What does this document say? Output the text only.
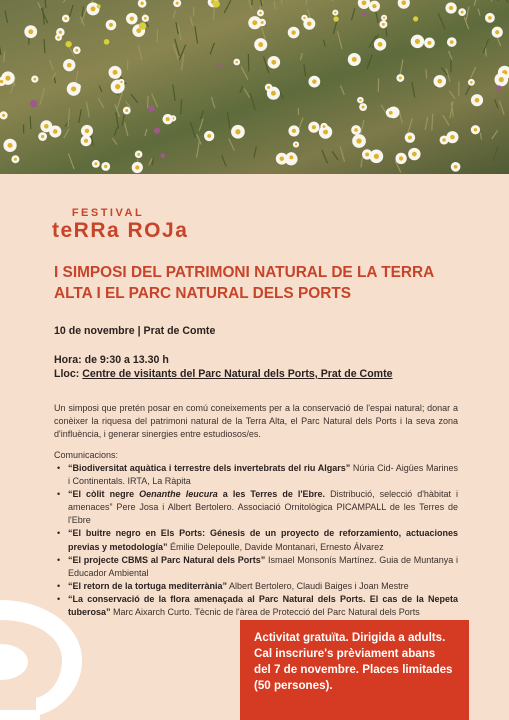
FESTIVAL
teRRa ROJa
I SIMPOSI DEL PATRIMONI NATURAL DE LA TERRA ALTA I EL PARC NATURAL DELS PORTS
10 de novembre | Prat de Comte
Hora: de 9:30 a 13.30 h
Lloc: Centre de visitants del Parc Natural dels Ports, Prat de Comte

Un simposi que pretén posar en comú coneixements per a la conservació de l'espai natural; donar a conèixer la riquesa del patrimoni natural de la Terra Alta, el Parc Natural dels Ports i la seva zona d'influència, i generar sinergies entre estudiosos/es.

Comunicacions:
• “Biodiversitat aquàtica i terrestre dels invertebrats del riu Algars” Núria Cid- Aigües Marines i Continentals. IRTA, La Ràpita
• “El còlit negre Oenanthe leucura a les Terres de l'Ebre. Distribució, selecció d'hàbitat i amenaces” Pere Josa i Albert Bertolero. Associació Ornitològica PICAMPALL de les Terres de l'Ebre
• “El buitre negro en Els Ports: Génesis de un proyecto de reforzamiento, actuaciones previas y metodología” Émilie Delepoulle, Davide Montanari, Ernesto Álvarez
• “El projecte CBMS al Parc Natural dels Ports” Ismael Monsonís Martínez. Guia de Muntanya i Educador Ambiental
• “El retorn de la tortuga mediterrània” Albert Bertolero, Claudi Baiges i Joan Mestre
• “La conservació de la flora amenaçada al Parc Natural dels Ports. El cas de la Nepeta tuberosa” Marc Aixarch Curto. Tècnic de l'àrea de Protecció del Parc Natural dels Ports
Activitat gratuïta. Dirigida a adults. Cal inscriure's prèviament abans del 7 de novembre. Places limitades (50 persones).
